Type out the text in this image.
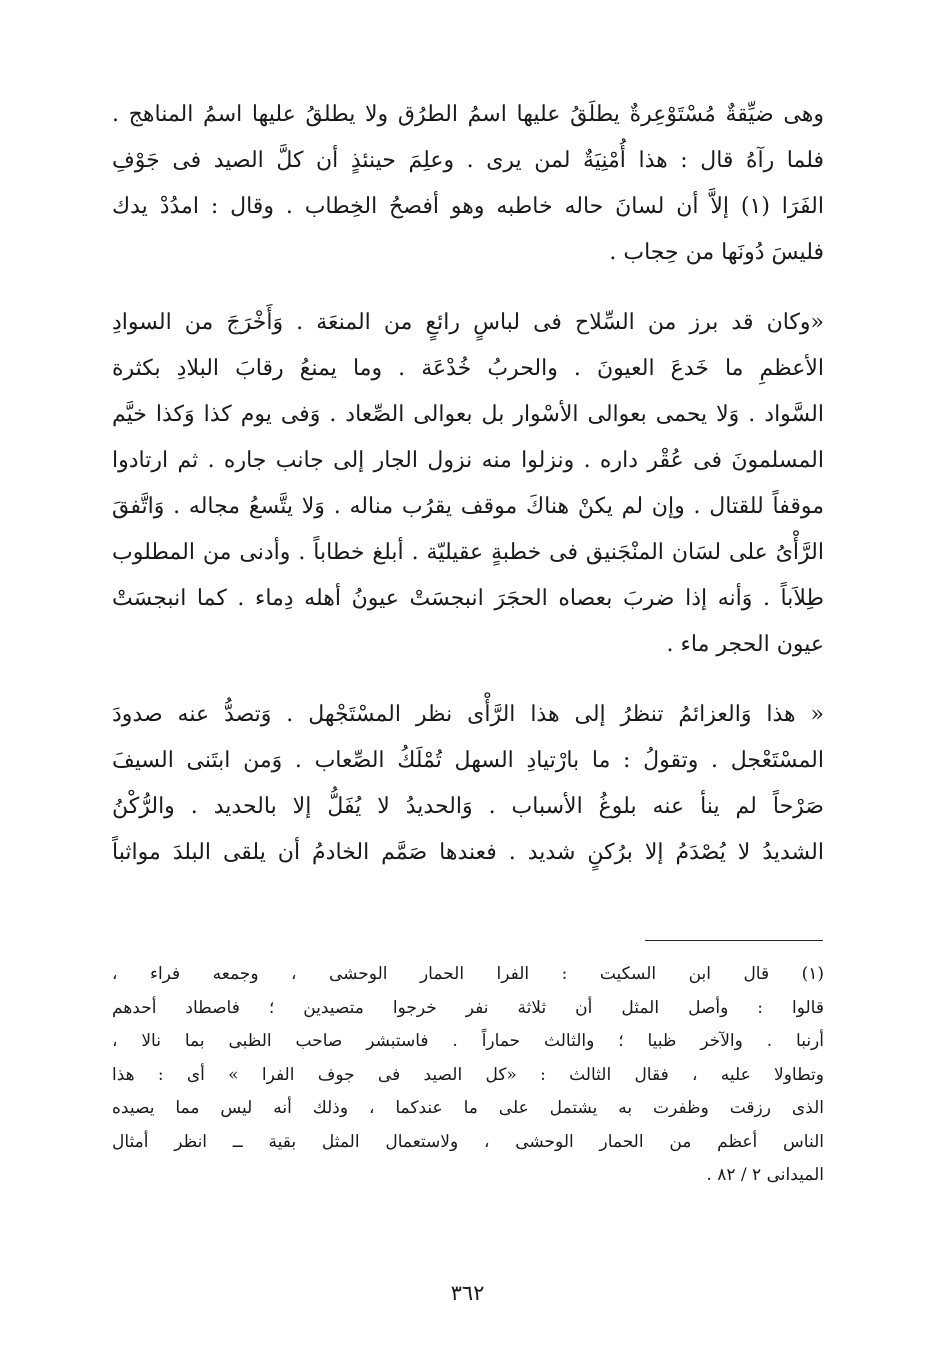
وهى ضيِّقةٌ مُسْتَوْعِرةٌ يطلَقُ عليها اسمُ الطرُق ولا يطلقُ عليها اسمُ المناهج .
فلما رآهُ قال : هذا أُمْنِيَةٌ لمن يرى . وعلِمَ حينئذٍ أن كلَّ الصيد فى جَوْفِ
الفَرَا (١) إلاَّ أن لسانَ حاله خاطبه وهو أفصحُ الخِطاب . وقال : امدُدْ يدك
فليسَ دُونَها من حِجاب .
«وكان قد برز من السِّلاح فى لباسٍ رائعٍ من المنعَة . وَأَخْرَجَ من السوادِ
الأعظمِ ما خَدعَ العيونَ . والحربُ خُدْعَة . وما يمنعُ رقابَ البلادِ بكثرة
السَّواد . وَلا يحمى بعوالى الأسْوار بل بعوالى الصِّعاد . وَفى يوم كذا وَكذا خيَّم
المسلمونَ فى عُقْر داره . ونزلوا منه نزول الجار إلى جانب جاره . ثم ارتادوا
موقفاً للقتال . وإن لم يكنْ هناكَ موقف يقرُب مناله . وَلا يتَّسعُ مجاله . وَاتَّفقَ
الرَّأْىُ على لسَان المنْجَنيق فى خطبةٍ عقيليّة . أبلغ خطاباً . وأدنى من المطلوب
طِلاَباً . وَأنه إذا ضربَ بعصاه الحجَرَ انبجسَتْ عيونُ أهله دِماء . كما انبجسَتْ
عيون الحجر ماء .
« هذا وَالعزائمُ تنظرُ إلى هذا الرَّأْى نظر المسْتَجْهل . وَتصدُّ عنه صدودَ
المسْتَعْجل . وتقولُ : ما بارْتيادِ السهل تُمْلَكُ الصِّعاب . وَمن ابتَنى السيفَ
صَرْحاً لم ينأ عنه بلوغُ الأسباب . وَالحديدُ لا يُفَلُّ إلا بالحديد . والرُّكْنُ
الشديدُ لا يُصْدَمُ إلا برُكنٍ شديد . فعندها صَمَّم الخادمُ أن يلقى البلدَ مواثباً
(١) قال ابن السكيت : الفرا الحمار الوحشى ، وجمعه فراء ،
قالوا : وأصل المثل أن ثلاثة نفر خرجوا متصيدين ؛ فاصطاد أحدهم
أرنبا . والآخر ظبيا ؛ والثالث حماراً . فاستبشر صاحب الظبى بما نالا ،
وتطاولا عليه ، فقال الثالث : «كل الصيد فى جوف الفرا » أى : هذا
الذى رزقت وظفرت به يشتمل على ما عندكما ، وذلك أنه ليس مما يصيده
الناس أعظم من الحمار الوحشى ، ولاستعمال المثل بقية ــ انظر أمثال
الميدانى ٢ / ٨٢ .
٣٦٢
